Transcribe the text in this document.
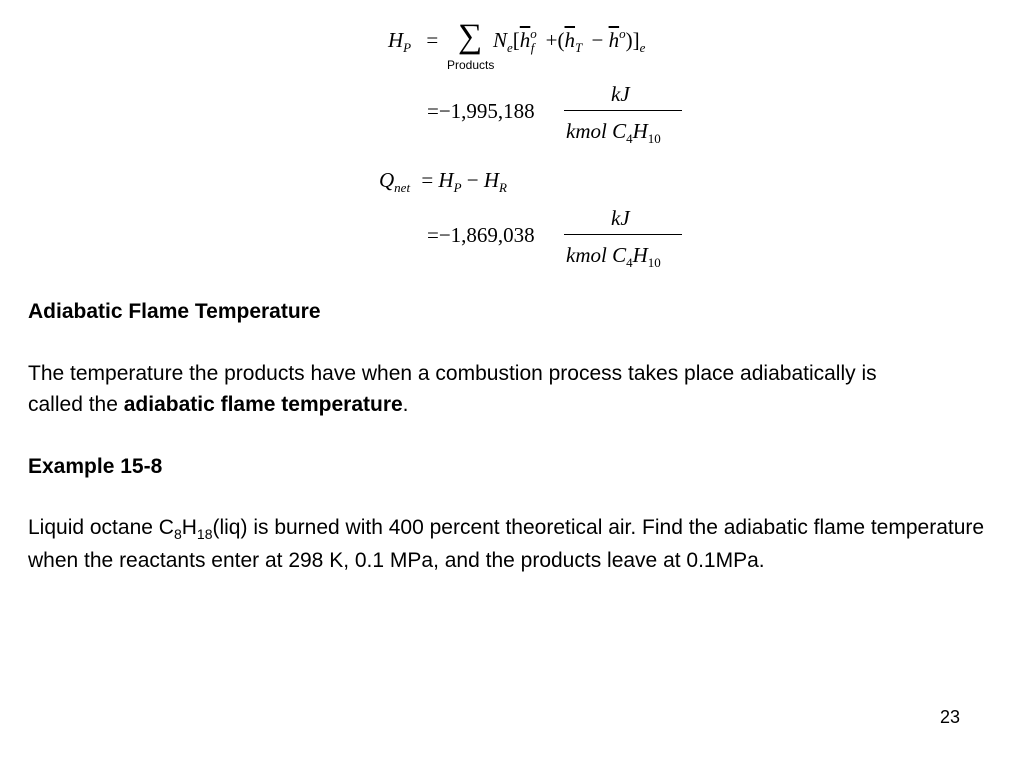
$H_P$ = ∑
Products
$N_e[\overline{h}^o_f +(\overline{h}_T - \overline{h}^o)]_e$
=−1,995,188
kJ
kmol $C_4H_{10}$
$Q_{net} = H_P - H_R$
=−1,869,038
kJ
kmol $C_4H_{10}$
Adiabatic Flame Temperature
The temperature the products have when a combustion process takes place adiabatically is called the adiabatic flame temperature.
Example 15-8
Liquid octane $C_8H_{18}(liq)$ is burned with 400 percent theoretical air. Find the adiabatic flame temperature when the reactants enter at 298 K, 0.1 MPa, and the products leave at 0.1MPa.
23
